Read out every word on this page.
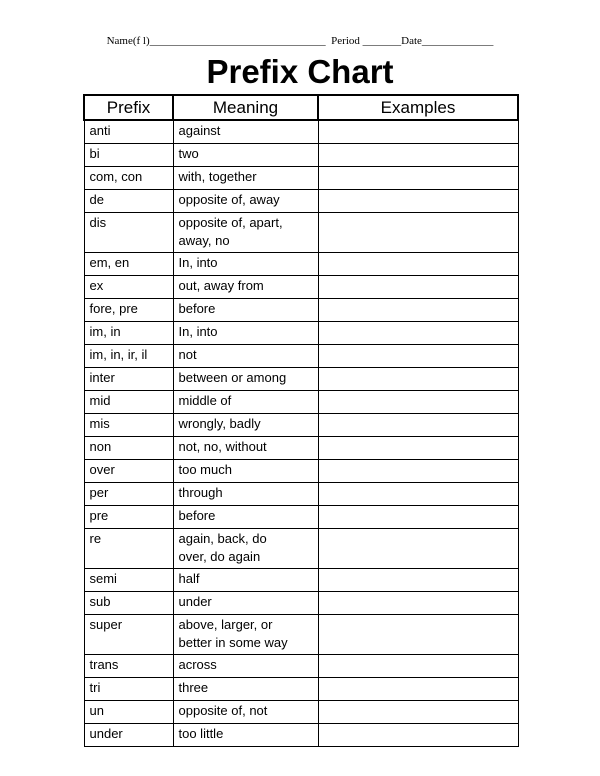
Name(f l)________________________________ Period _______Date_____________
Prefix Chart
Prefix	Meaning	Examples
anti	against	
bi	two	
com, con	with, together	
de	opposite of, away	
dis	opposite of, apart,
away, no	
em, en	In, into	
ex	out, away from	
fore, pre	before	
im, in	In, into	
im, in, ir, il	not	
inter	between or among	
mid	middle of	
mis	wrongly, badly	
non	not, no, without	
over	too much	
per	through	
pre	before	
re	again, back, do
over, do again	
semi	half	
sub	under	
super	above, larger, or
better in some way	
trans	across	
tri	three	
un	opposite of, not	
under	too little	
